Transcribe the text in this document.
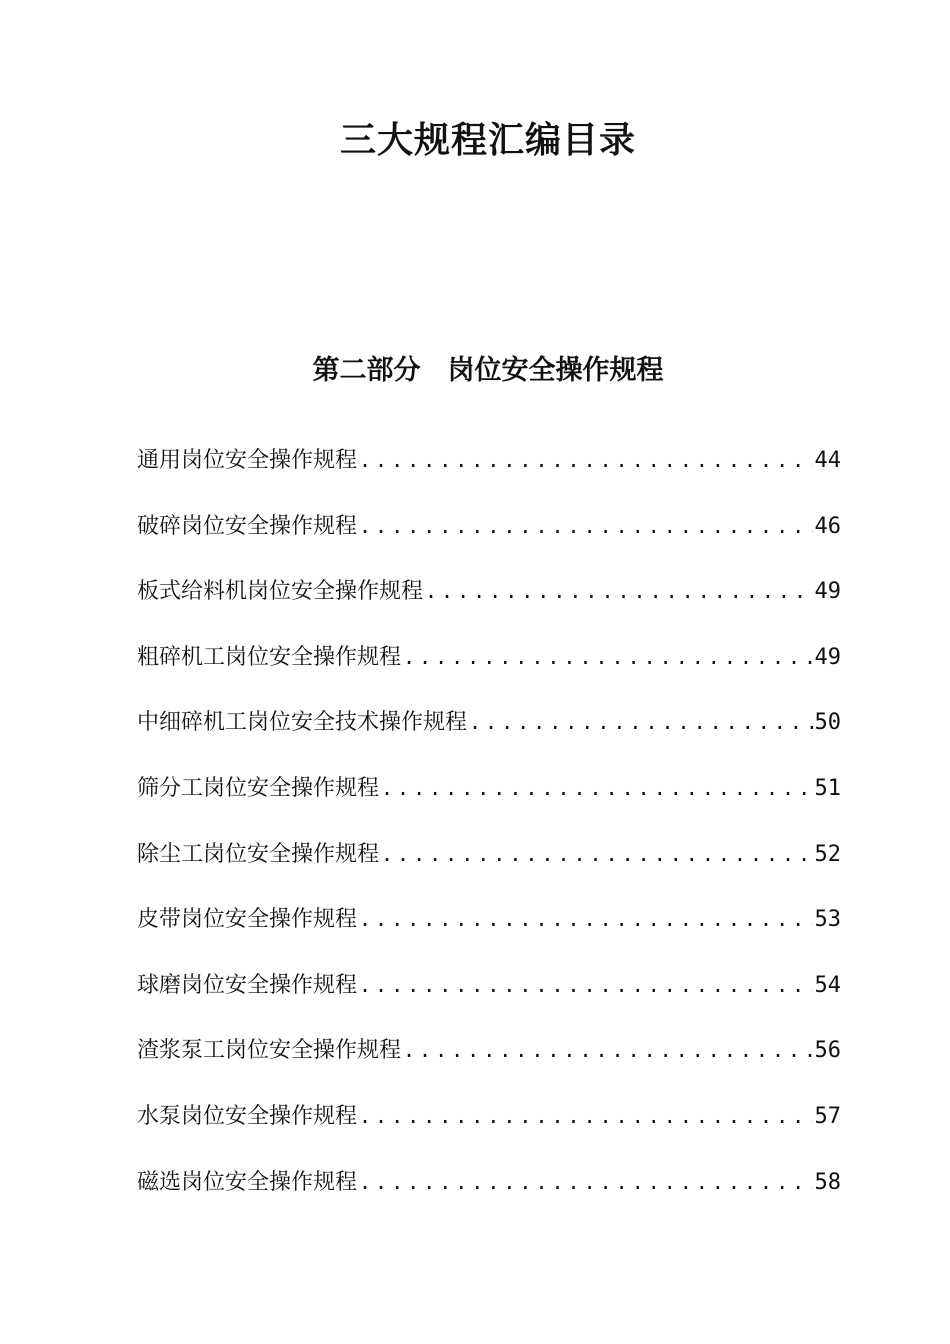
三大规程汇编目录
第二部分　岗位安全操作规程
通用岗位安全操作规程 .....	44
破碎岗位安全操作规程 .....	46
板式给料机岗位安全操作规程 .....	49
粗碎机工岗位安全操作规程 .....	49
中细碎机工岗位安全技术操作规程 .....	50
筛分工岗位安全操作规程 .....	51
除尘工岗位安全操作规程 .....	52
皮带岗位安全操作规程 .....	53
球磨岗位安全操作规程 .....	54
渣浆泵工岗位安全操作规程 .....	56
水泵岗位安全操作规程 .....	57
磁选岗位安全操作规程 .....	58
